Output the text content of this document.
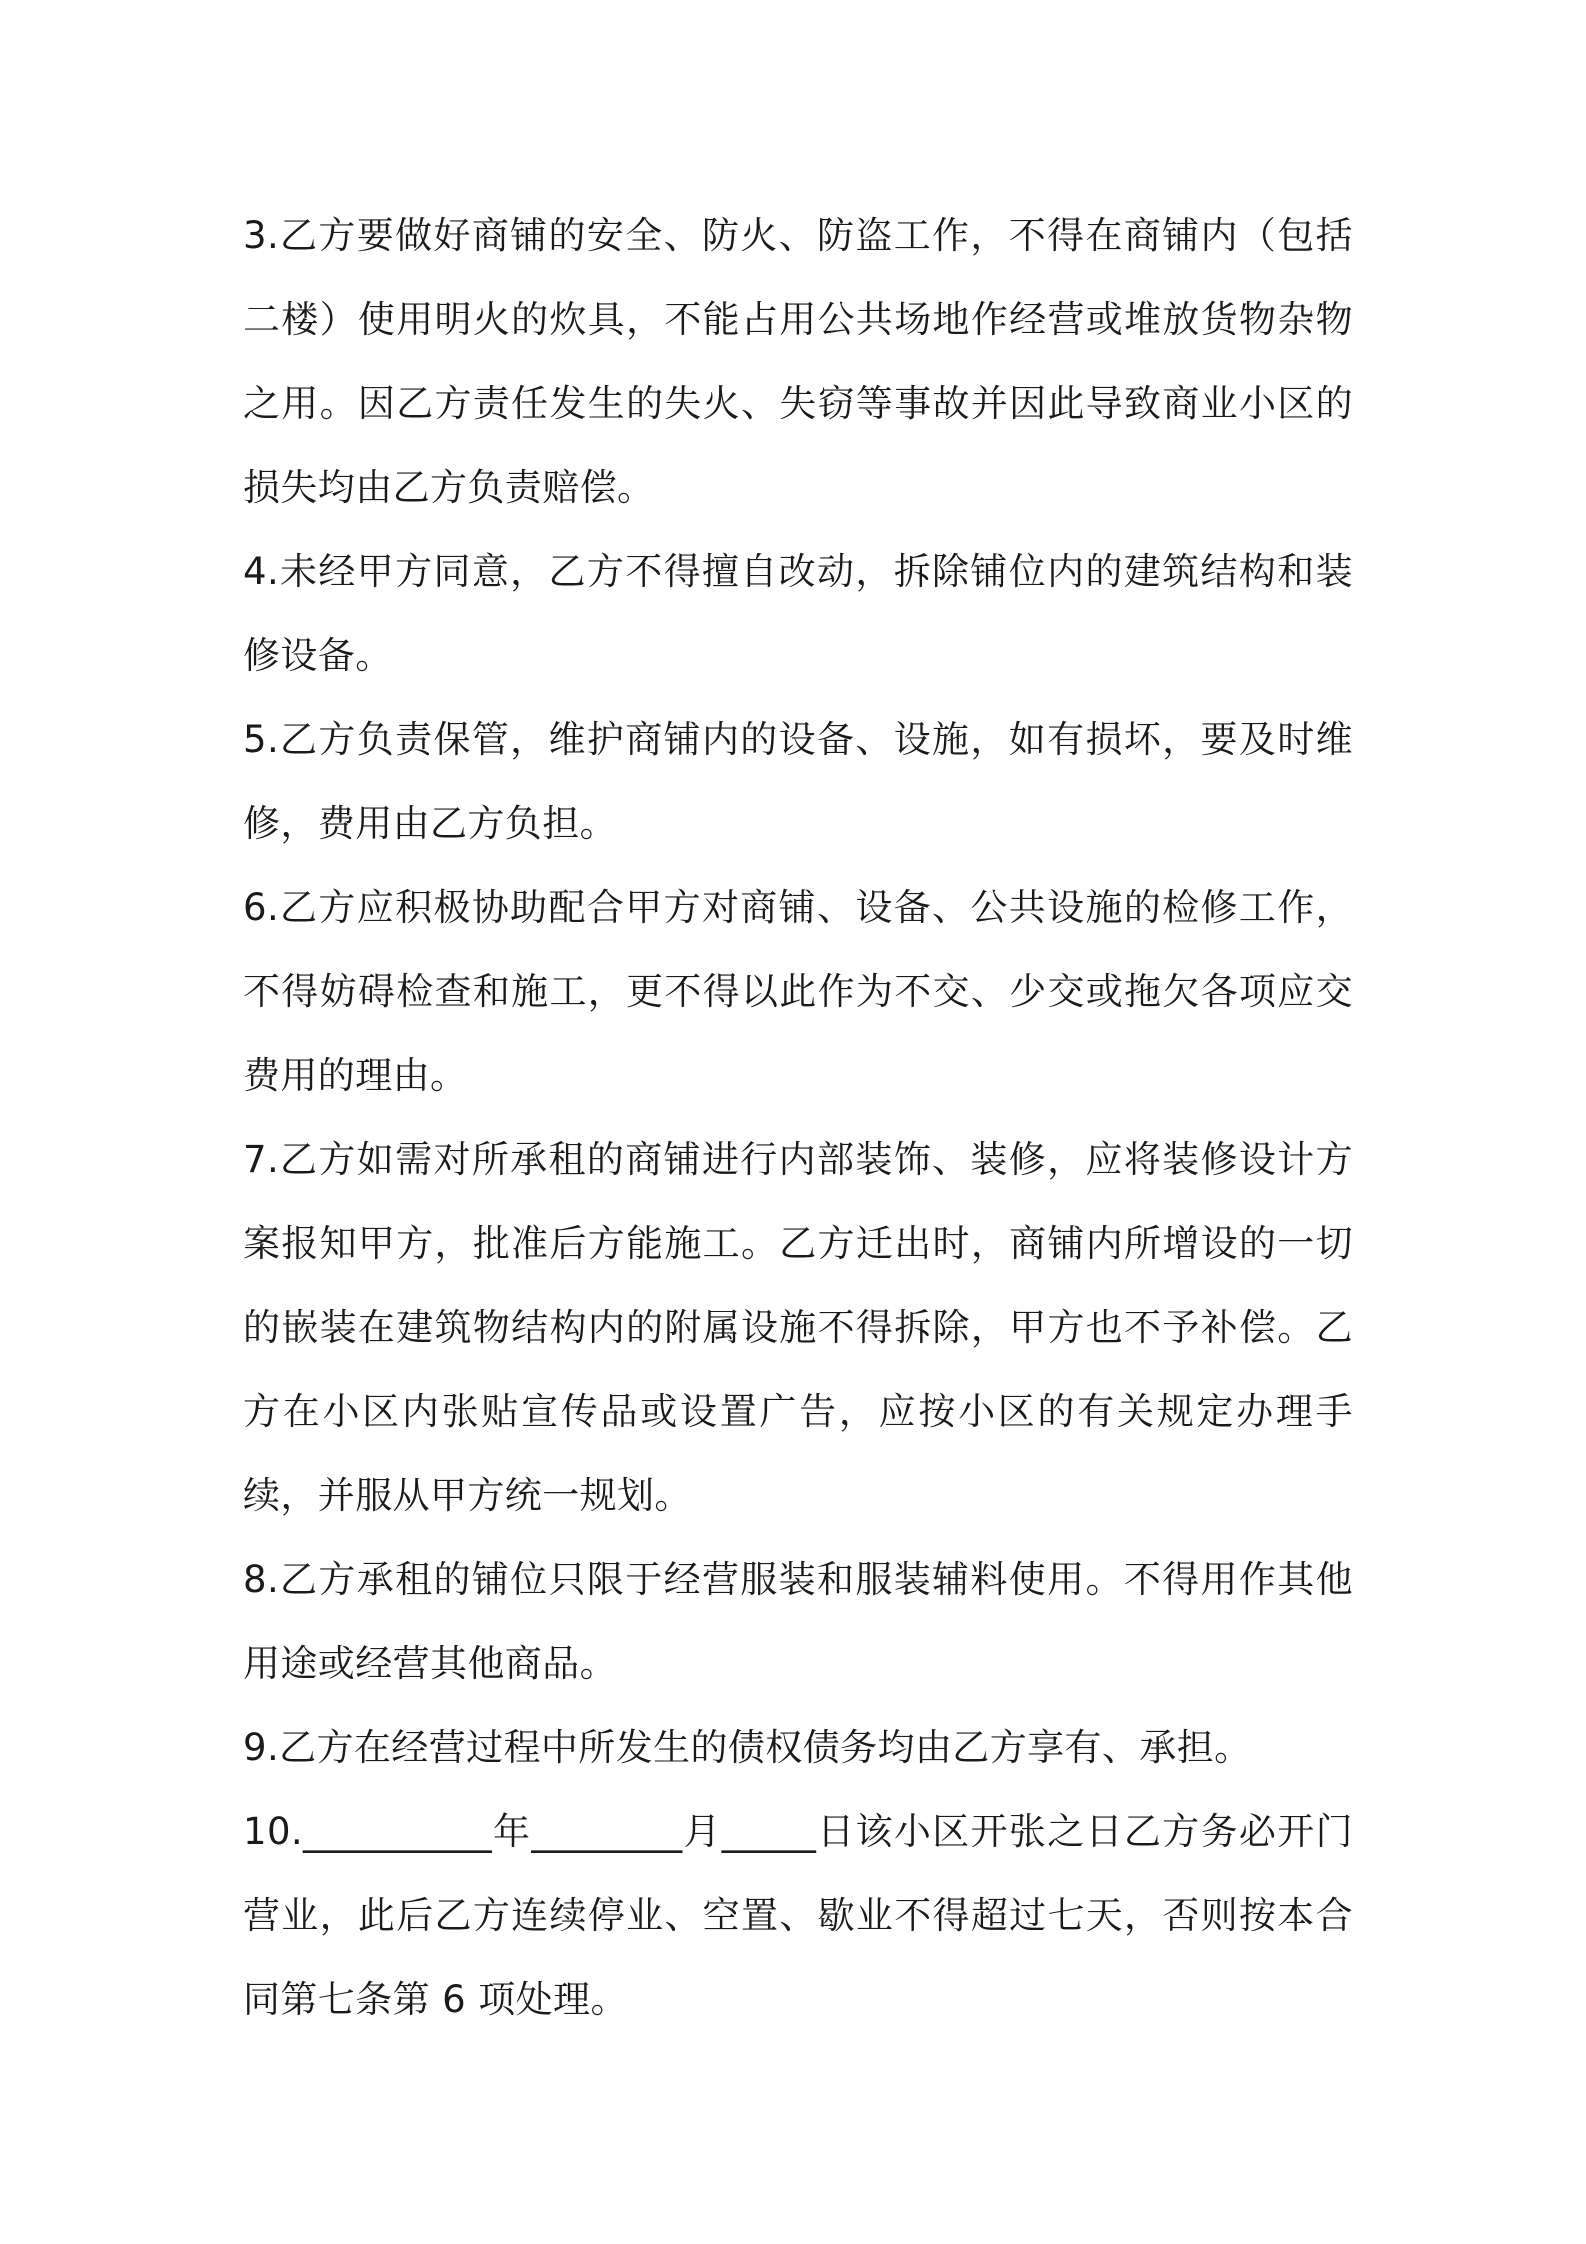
3.乙方要做好商铺的安全、防火、防盗工作，不得在商铺内（包括二楼）使用明火的炊具，不能占用公共场地作经营或堆放货物杂物之用。因乙方责任发生的失火、失窃等事故并因此导致商业小区的损失均由乙方负责赔偿。

4.未经甲方同意，乙方不得擅自改动，拆除铺位内的建筑结构和装修设备。

5.乙方负责保管，维护商铺内的设备、设施，如有损坏，要及时维修，费用由乙方负担。

6.乙方应积极协助配合甲方对商铺、设备、公共设施的检修工作，不得妨碍检查和施工，更不得以此作为不交、少交或拖欠各项应交费用的理由。

7.乙方如需对所承租的商铺进行内部装饰、装修，应将装修设计方案报知甲方，批准后方能施工。乙方迁出时，商铺内所增设的一切的嵌装在建筑物结构内的附属设施不得拆除，甲方也不予补偿。乙方在小区内张贴宣传品或设置广告，应按小区的有关规定办理手续，并服从甲方统一规划。

8.乙方承租的铺位只限于经营服装和服装辅料使用。不得用作其他用途或经营其他商品。

9.乙方在经营过程中所发生的债权债务均由乙方享有、承担。

10.__________年________月_____日该小区开张之日乙方务必开门营业，此后乙方连续停业、空置、歇业不得超过七天，否则按本合同第七条第 6 项处理。
